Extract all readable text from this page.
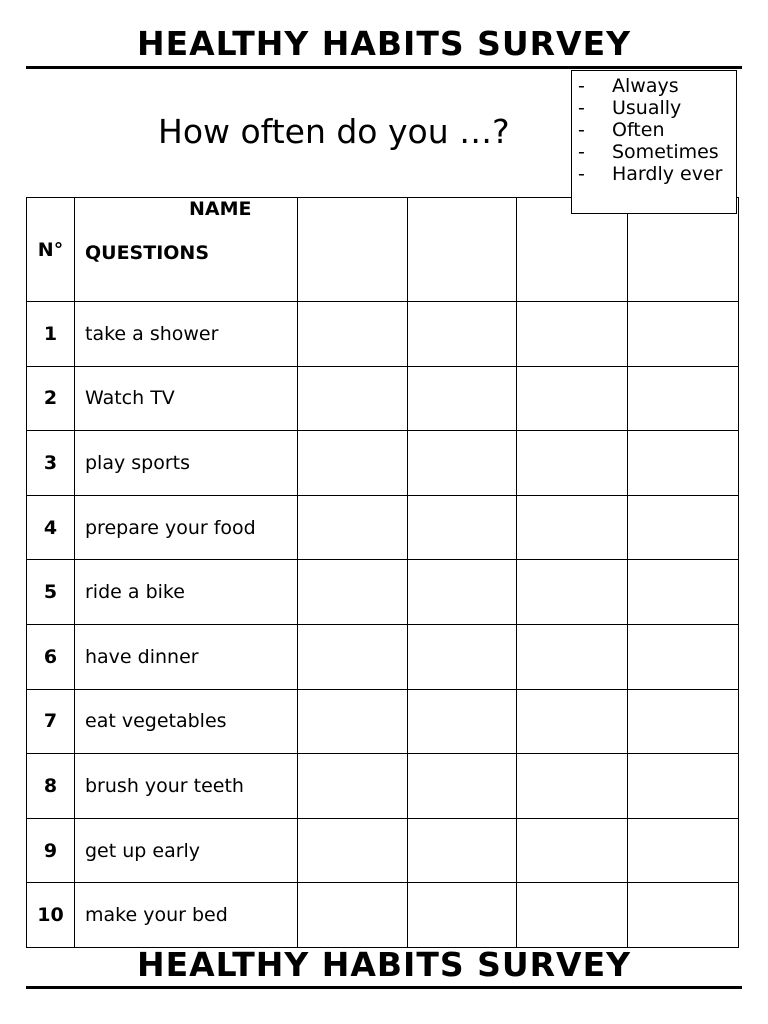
HEALTHY HABITS SURVEY
How often do you …?
-	Always
-	Usually
-	Often
-	Sometimes
-	Hardly ever
N°	NAME
QUESTIONS				

1	take a shower				
2	Watch TV				
3	play sports				
4	prepare your food				
5	ride a bike				
6	have dinner				
7	eat vegetables				
8	brush your teeth				
9	get up early				
10	make your bed				
HEALTHY HABITS SURVEY
